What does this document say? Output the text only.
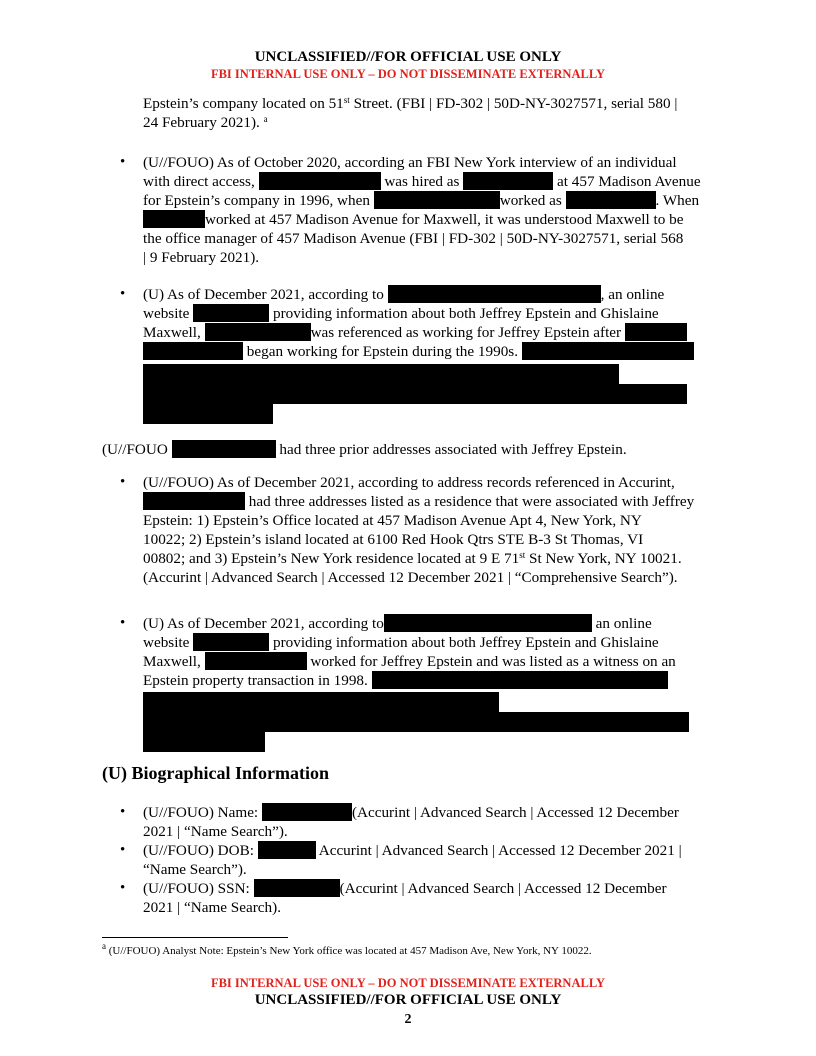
UNCLASSIFIED//FOR OFFICIAL USE ONLY
FBI INTERNAL USE ONLY – DO NOT DISSEMINATE EXTERNALLY
Epstein’s company located on 51st Street. (FBI | FD-302 | 50D-NY-3027571, serial 580 |
24 February 2021). $^a$
• (U//FOUO) As of October 2020, according an FBI New York interview of an individual
with direct access,	was hired as	at 457 Madison Avenue
for Epstein’s company in 1996, when	worked as	. When
worked at 457 Madison Avenue for Maxwell, it was understood Maxwell to be
the office manager of 457 Madison Avenue (FBI | FD-302 | 50D-NY-3027571, serial 568
| 9 February 2021).
• (U) As of December 2021, according to	, an online
website	providing information about both Jeffrey Epstein and Ghislaine
Maxwell,	was referenced as working for Jeffrey Epstein after
began working for Epstein during the 1990s.
(U//FOUO	had three prior addresses associated with Jeffrey Epstein.
• (U//FOUO) As of December 2021, according to address records referenced in Accurint,
had three addresses listed as a residence that were associated with Jeffrey
Epstein: 1) Epstein’s Office located at 457 Madison Avenue Apt 4, New York, NY
10022; 2) Epstein’s island located at 6100 Red Hook Qtrs STE B-3 St Thomas, VI
00802; and 3) Epstein’s New York residence located at 9 E 71st St New York, NY 10021.
(Accurint | Advanced Search | Accessed 12 December 2021 | “Comprehensive Search”).
• (U) As of December 2021, according to	an online
website	providing information about both Jeffrey Epstein and Ghislaine
Maxwell,	worked for Jeffrey Epstein and was listed as a witness on an
Epstein property transaction in 1998.
(U) Biographical Information
• (U//FOUO) Name:	(Accurint | Advanced Search | Accessed 12 December
2021 | “Name Search”).
• (U//FOUO) DOB:	Accurint | Advanced Search | Accessed 12 December 2021 |
“Name Search”).
• (U//FOUO) SSN:	(Accurint | Advanced Search | Accessed 12 December
2021 | “Name Search).
$^a$ (U//FOUO) Analyst Note: Epstein’s New York office was located at 457 Madison Ave, New York, NY 10022.
FBI INTERNAL USE ONLY – DO NOT DISSEMINATE EXTERNALLY
UNCLASSIFIED//FOR OFFICIAL USE ONLY
2
